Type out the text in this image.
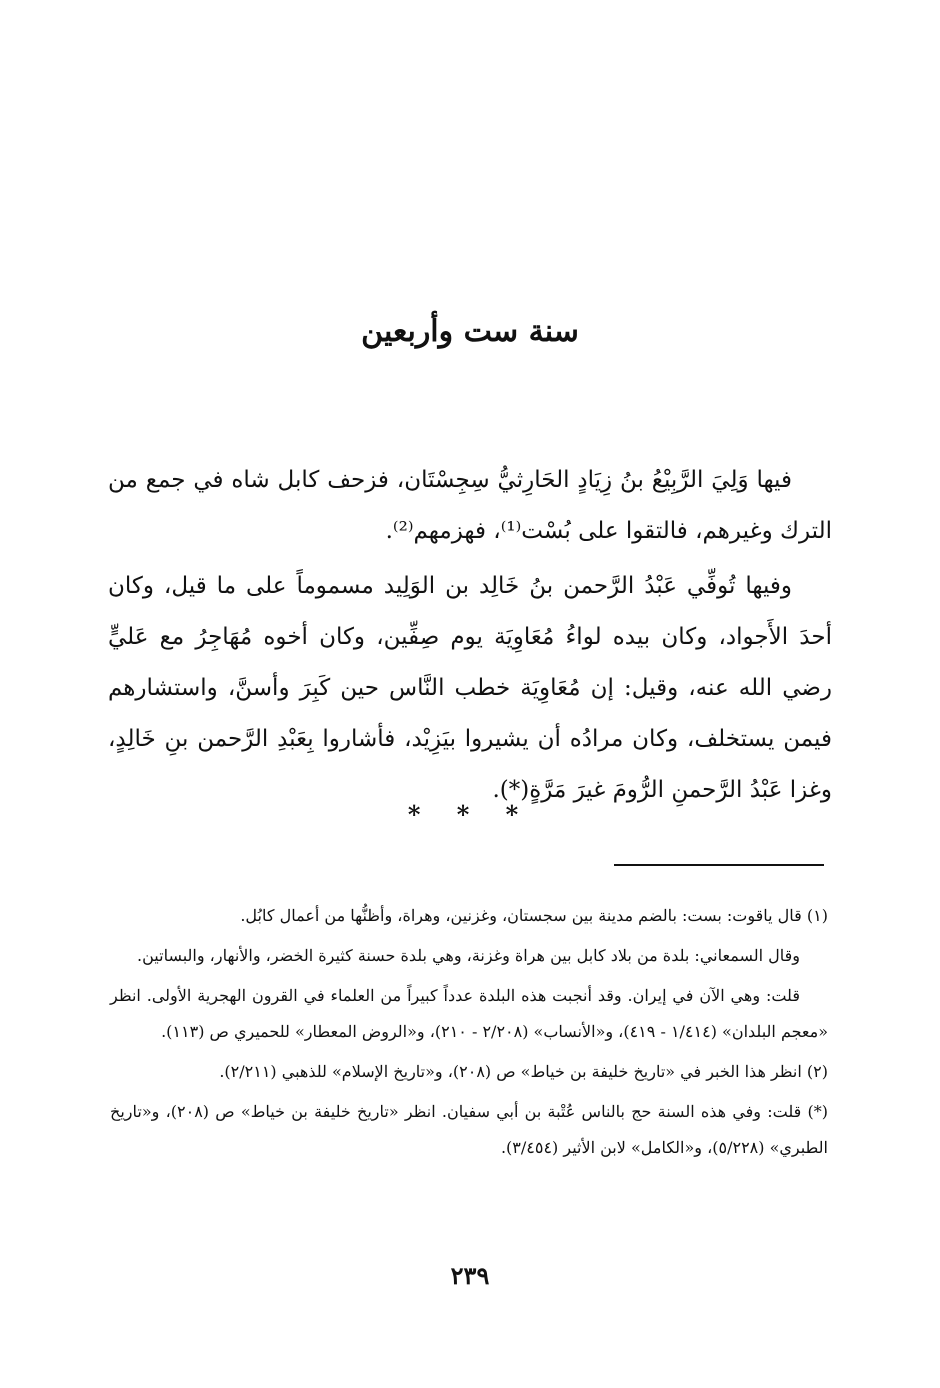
سنة ست وأربعين

فيها وَلِيَ الرَّبِيْعُ بنُ زِيَادٍ الحَارِثيُّ سِجِسْتَان، فزحف كابل شاه في جمع من الترك وغيرهم، فالتقوا على بُسْت⁽¹⁾، فهزمهم⁽²⁾.

وفيها تُوفِّي عَبْدُ الرَّحمن بنُ خَالِد بن الوَلِيد مسموماً على ما قيل، وكان أحدَ الأَجواد، وكان بيده لواءُ مُعَاوِيَة يوم صِفِّين، وكان أخوه مُهَاجِرُ مع عَليٍّ رضي الله عنه، وقيل: إن مُعَاوِيَة خطب النَّاس حين كَبِرَ وأسنَّ، واستشارهم فيمن يستخلف، وكان مرادُه أن يشيروا بيَزِيْد، فأشاروا بِعَبْدِ الرَّحمن بنِ خَالِدٍ، وغزا عَبْدُ الرَّحمنِ الرُّومَ غيرَ مَرَّةٍ(*).

* * *

(١) قال ياقوت: بست: بالضم مدينة بين سجستان، وغزنين، وهراة، وأظنُّها من أعمال كابُل.

وقال السمعاني: بلدة من بلاد كابل بين هراة وغزنة، وهي بلدة حسنة كثيرة الخضر، والأنهار، والبساتين.

قلت: وهي الآن في إيران. وقد أنجبت هذه البلدة عدداً كبيراً من العلماء في القرون الهجرية الأولى. انظر «معجم البلدان» (١/٤١٤ - ٤١٩)، و«الأنساب» (٢/٢٠٨ - ٢١٠)، و«الروض المعطار» للحميري ص (١١٣).

(٢) انظر هذا الخبر في «تاريخ خليفة بن خياط» ص (٢٠٨)، و«تاريخ الإسلام» للذهبي (٢/٢١١).

(*) قلت: وفي هذه السنة حج بالناس عُتْبة بن أبي سفيان. انظر «تاريخ خليفة بن خياط» ص (٢٠٨)، و«تاريخ الطبري» (٥/٢٢٨)، و«الكامل» لابن الأثير (٣/٤٥٤).

٢٣٩
